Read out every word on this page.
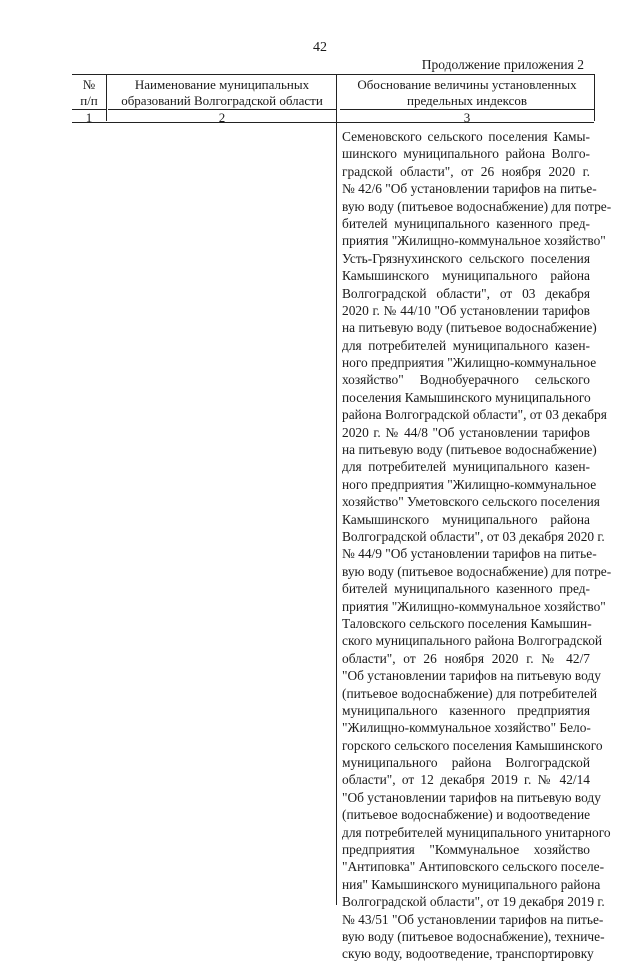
42
Продолжение приложения 2
№
п/п
1
Наименование муниципальных
образований Волгоградской области
2
Обоснование величины установленных
предельных индексов
3
Семеновского сельского поселения Камы-
шинского муниципального района Волго-
градской области", от 26 ноября 2020 г.
№ 42/6 "Об установлении тарифов на питье-
вую воду (питьевое водоснабжение) для потре-
бителей муниципального казенного пред-
приятия "Жилищно-коммунальное хозяйство"
Усть-Грязнухинского сельского поселения
Камышинского муниципального района
Волгоградской области", от 03 декабря
2020 г. № 44/10 "Об установлении тарифов
на питьевую воду (питьевое водоснабжение)
для потребителей муниципального казен-
ного предприятия "Жилищно-коммунальное
хозяйство" Воднобуерачного сельского
поселения Камышинского муниципального
района Волгоградской области", от 03 декабря
2020 г. № 44/8 "Об установлении тарифов
на питьевую воду (питьевое водоснабжение)
для потребителей муниципального казен-
ного предприятия "Жилищно-коммунальное
хозяйство" Уметовского сельского поселения
Камышинского муниципального района
Волгоградской области", от 03 декабря 2020 г.
№ 44/9 "Об установлении тарифов на питье-
вую воду (питьевое водоснабжение) для потре-
бителей муниципального казенного пред-
приятия "Жилищно-коммунальное хозяйство"
Таловского сельского поселения Камышин-
ского муниципального района Волгоградской
области", от 26 ноября 2020 г. № 42/7
"Об установлении тарифов на питьевую воду
(питьевое водоснабжение) для потребителей
муниципального казенного предприятия
"Жилищно-коммунальное хозяйство" Бело-
горского сельского поселения Камышинского
муниципального района Волгоградской
области", от 12 декабря 2019 г. № 42/14
"Об установлении тарифов на питьевую воду
(питьевое водоснабжение) и водоотведение
для потребителей муниципального унитарного
предприятия "Коммунальное хозяйство
"Антиповка" Антиповского сельского поселе-
ния" Камышинского муниципального района
Волгоградской области", от 19 декабря 2019 г.
№ 43/51 "Об установлении тарифов на питье-
вую воду (питьевое водоснабжение), техниче-
скую воду, водоотведение, транспортировку
